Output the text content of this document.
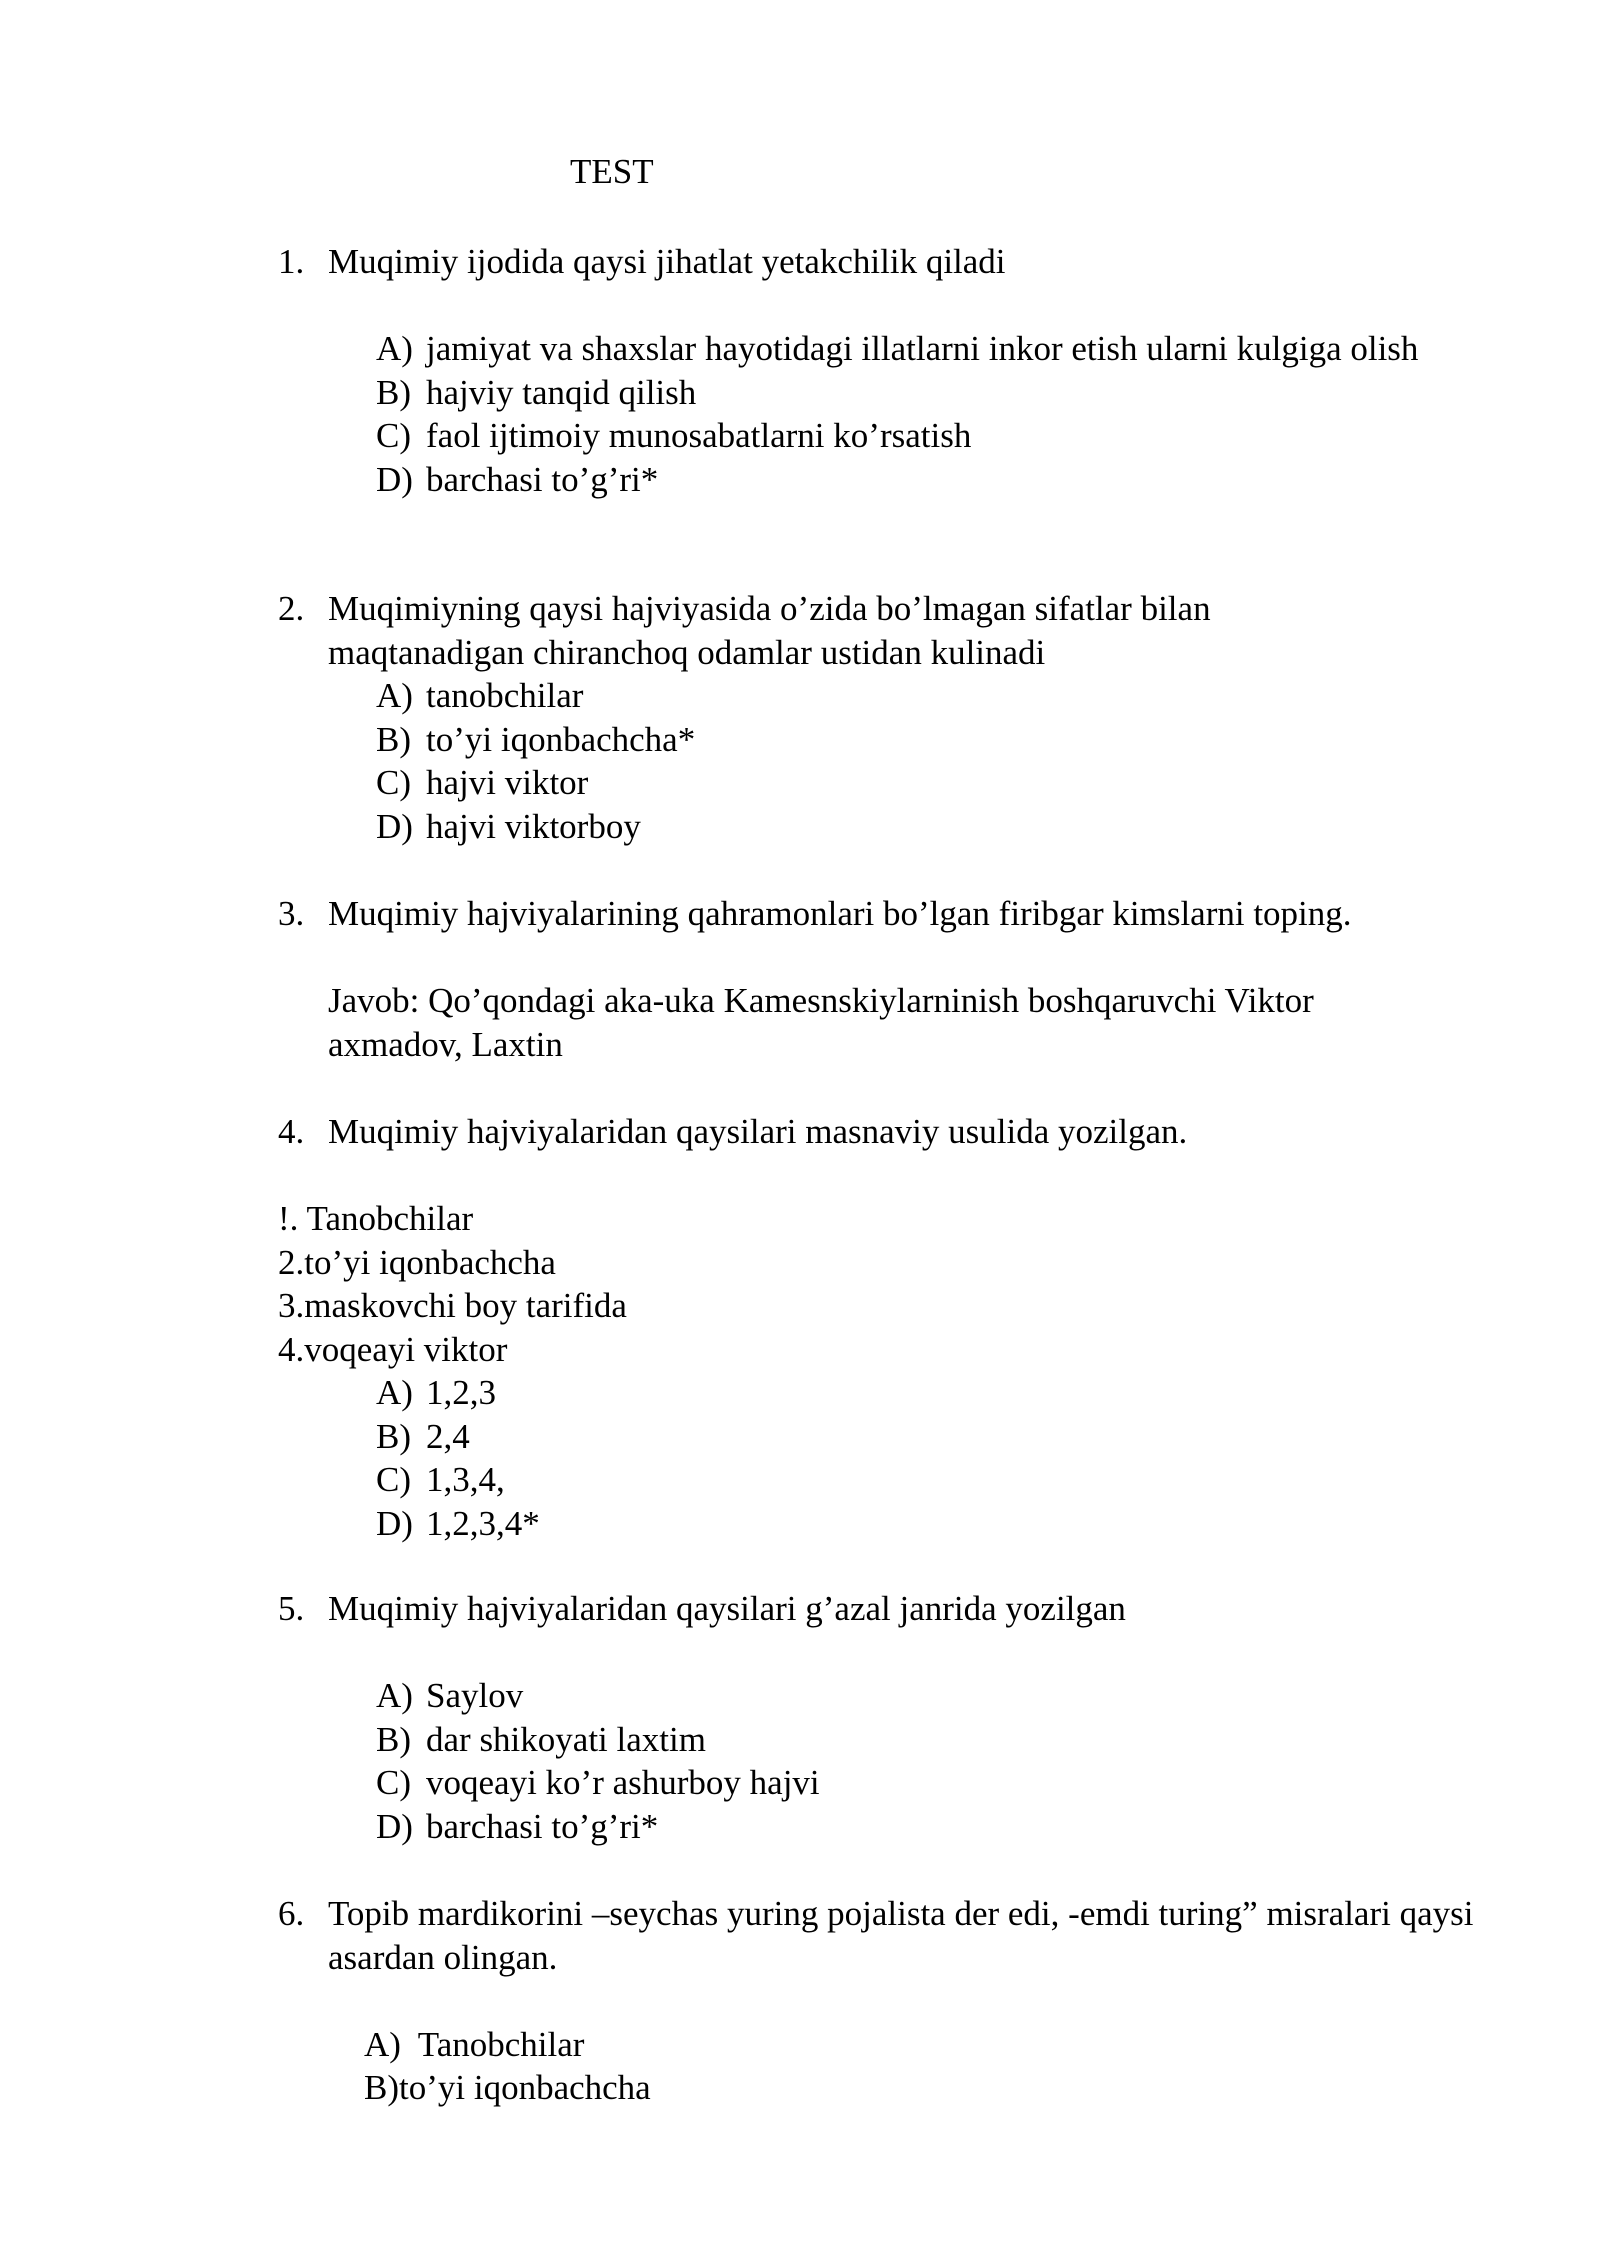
TEST
1. Muqimiy ijodida qaysi jihatlat yetakchilik qiladi
A) jamiyat va shaxslar hayotidagi illatlarni inkor etish ularni kulgiga olish
B) hajviy tanqid qilish
C) faol ijtimoiy munosabatlarni ko’rsatish
D) barchasi to’g’ri*
2. Muqimiyning qaysi hajviyasida o’zida bo’lmagan sifatlar bilan maqtanadigan chiranchoq odamlar ustidan kulinadi
A) tanobchilar
B) to’yi iqonbachcha*
C) hajvi viktor
D) hajvi viktorboy
3. Muqimiy hajviyalarining qahramonlari bo’lgan firibgar kimslarni toping.
Javob: Qo’qondagi aka-uka Kamesnskiylarninish boshqaruvchi Viktor axmadov, Laxtin
4. Muqimiy hajviyalaridan qaysilari masnaviy usulida yozilgan.
!. Tanobchilar
2.to’yi iqonbachcha
3.maskovchi boy tarifida
4.voqeayi viktor
A) 1,2,3
B) 2,4
C) 1,3,4,
D) 1,2,3,4*
5. Muqimiy hajviyalaridan qaysilari g’azal janrida yozilgan
A) Saylov
B) dar shikoyati laxtim
C) voqeayi ko’r ashurboy hajvi
D) barchasi to’g’ri*
6. Topib mardikorini –seychas yuring pojalista der edi, -emdi turing” misralari qaysi asardan olingan.
A)  Tanobchilar
B)to’yi iqonbachcha
